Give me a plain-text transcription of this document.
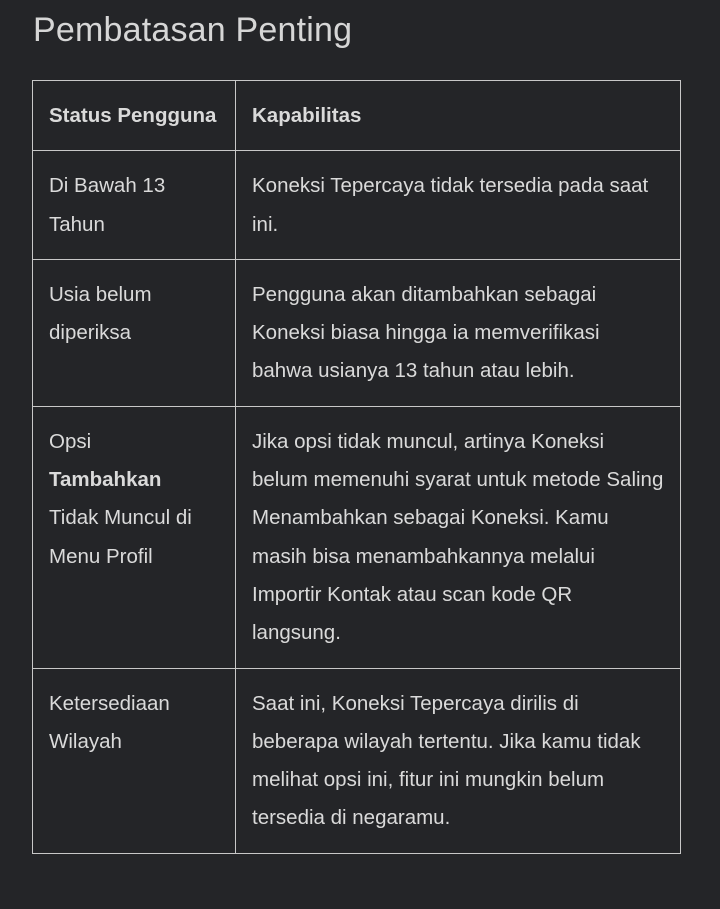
Pembatasan Penting
Status Pengguna	Kapabilitas
Di Bawah 13 Tahun	Koneksi Tepercaya tidak tersedia pada saat ini.
Usia belum diperiksa	Pengguna akan ditambahkan sebagai Koneksi biasa hingga ia memverifikasi bahwa usianya 13 tahun atau lebih.

Opsi
Tambahkan
Tidak Muncul di Menu Profil	Jika opsi tidak muncul, artinya Koneksi belum memenuhi syarat untuk metode Saling Menambahkan sebagai Koneksi. Kamu masih bisa menambahkannya melalui Importir Kontak atau scan kode QR langsung.
Ketersediaan Wilayah	Saat ini, Koneksi Tepercaya dirilis di beberapa wilayah tertentu. Jika kamu tidak melihat opsi ini, fitur ini mungkin belum tersedia di negaramu.
